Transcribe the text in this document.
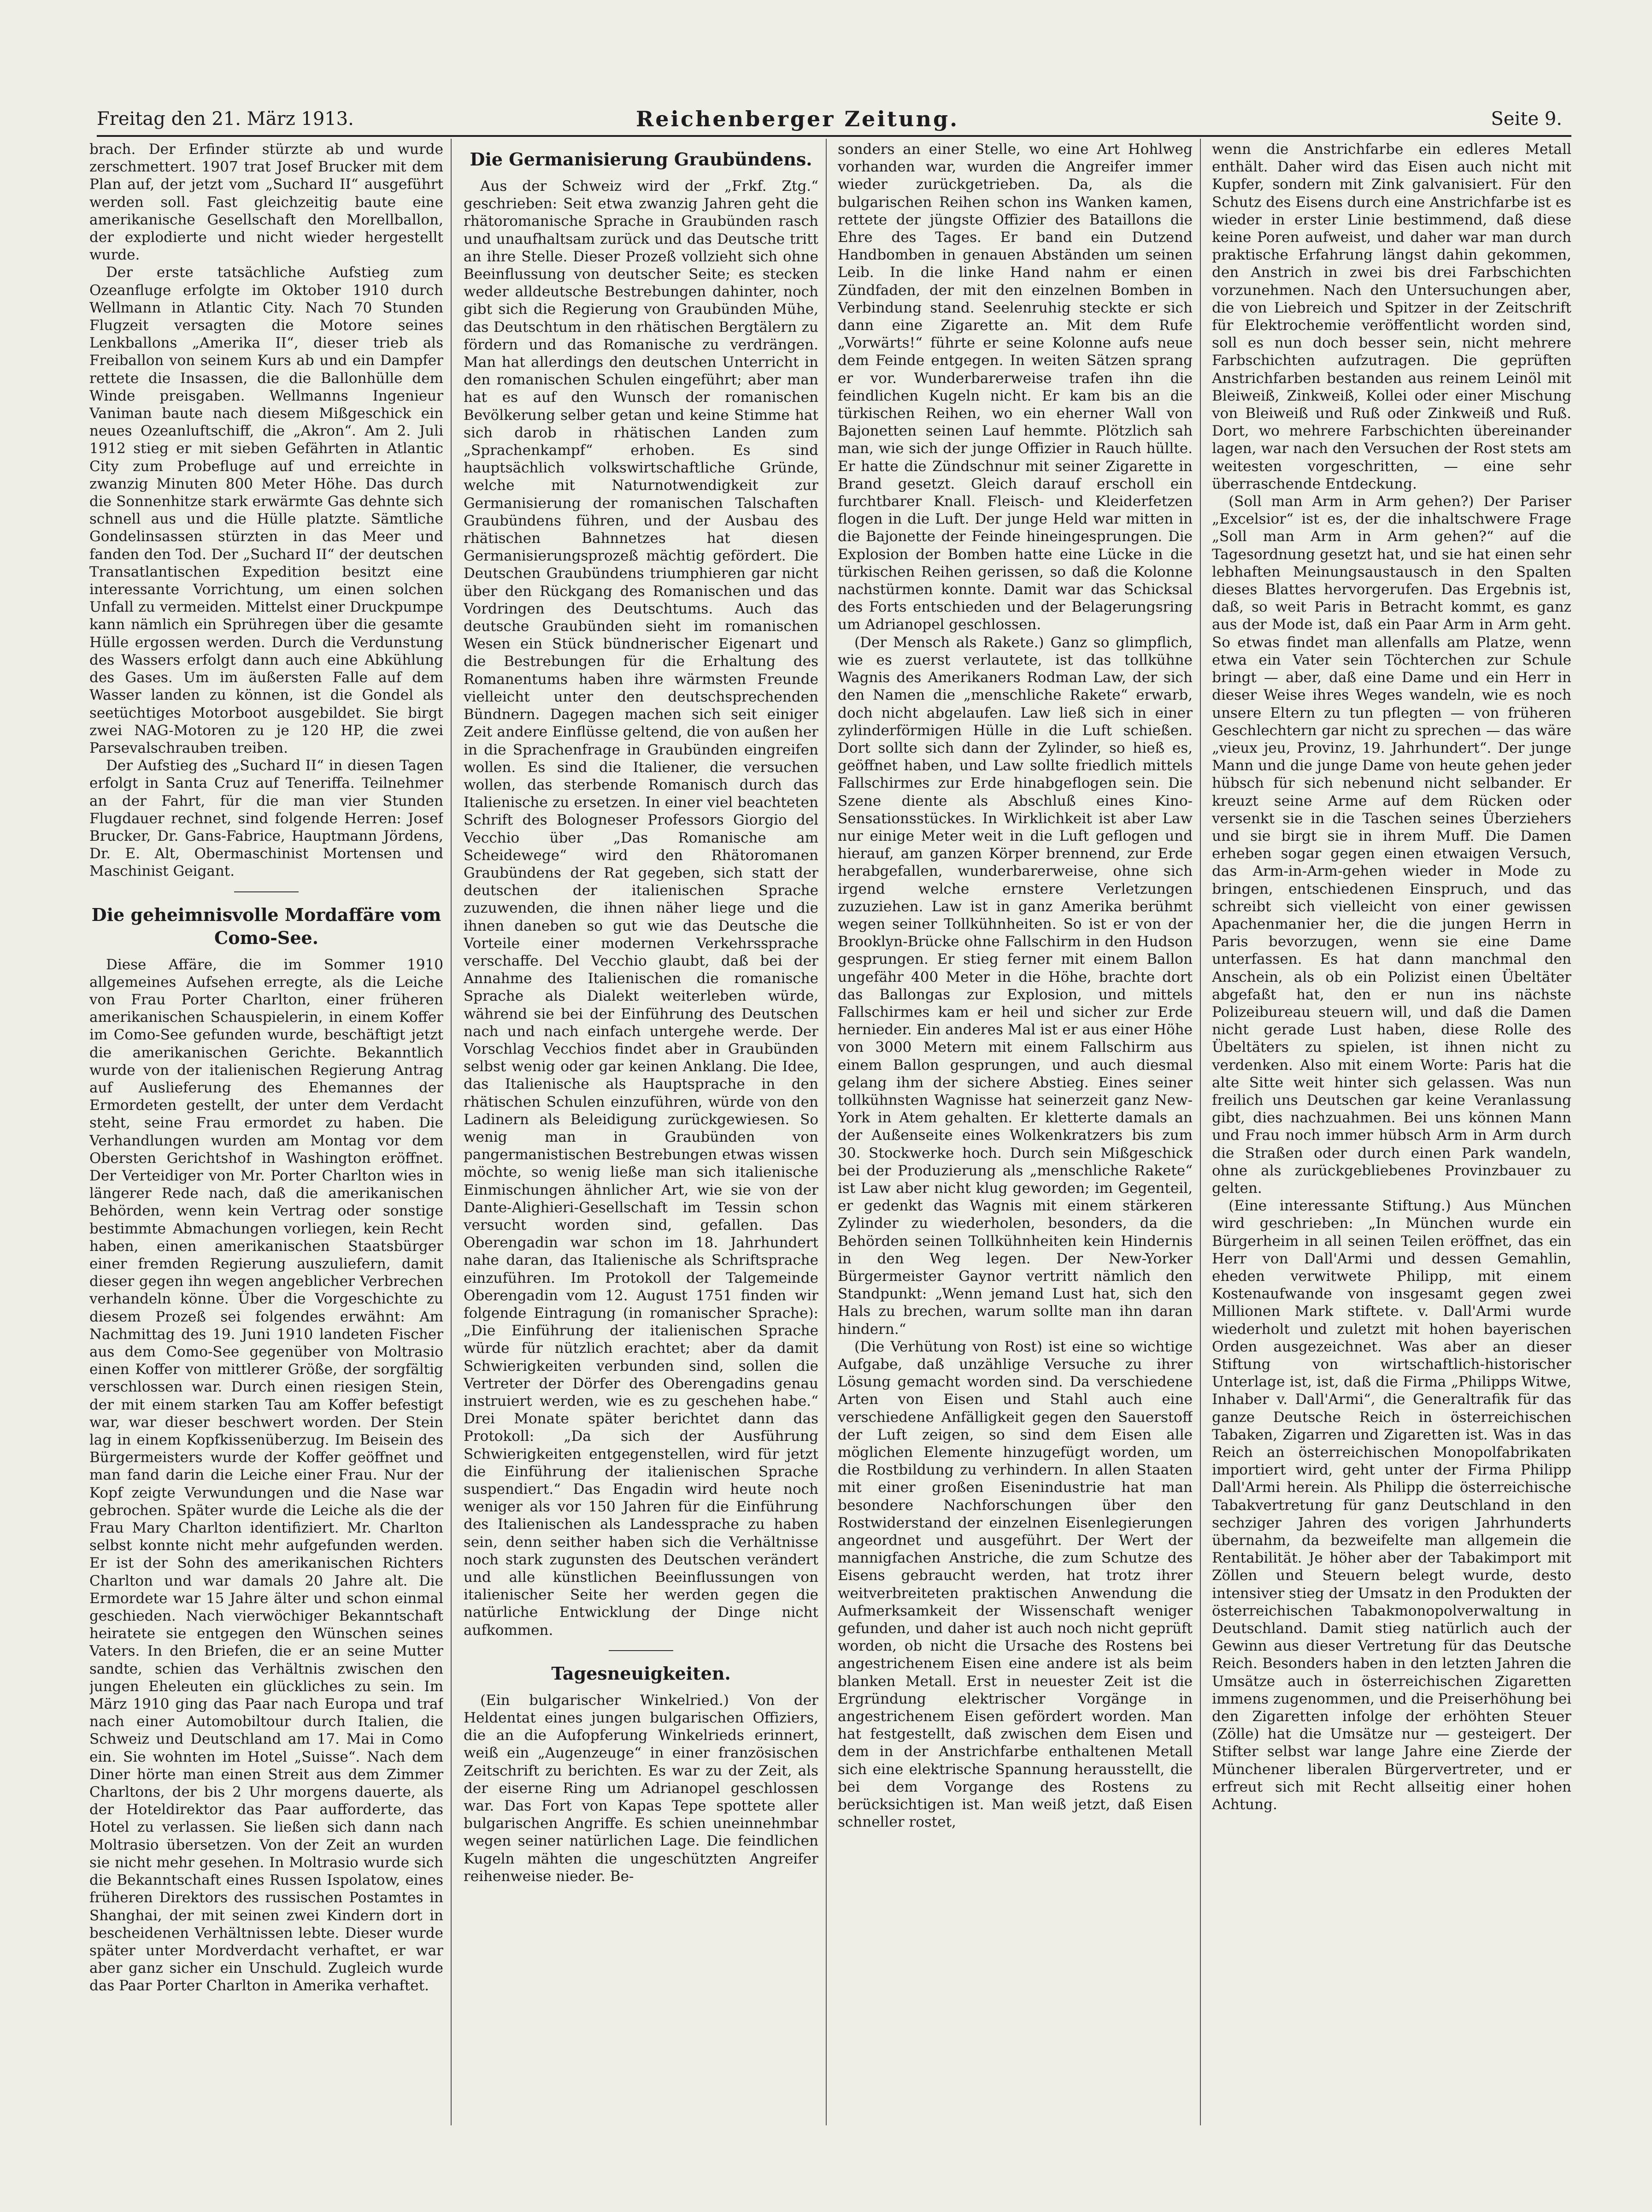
Freitag den 21. März 1913.	Reichenberger Zeitung.	Seite 9.

brach. Der Erfinder stürzte ab und wurde zerschmettert. 1907 trat Josef Brucker mit dem Plan auf, der jetzt vom „Suchard II“ ausgeführt werden soll. Fast gleichzeitig baute eine amerikanische Gesellschaft den Morellballon, der explodierte und nicht wieder hergestellt wurde.

Der erste tatsächliche Aufstieg zum Ozeanfluge erfolgte im Oktober 1910 durch Wellmann in Atlantic City. Nach 70 Stunden Flugzeit versagten die Motore seines Lenkballons „Amerika II“, dieser trieb als Freiballon von seinem Kurs ab und ein Dampfer rettete die Insassen, die die Ballonhülle dem Winde preisgaben. Wellmanns Ingenieur Vaniman baute nach diesem Mißgeschick ein neues Ozeanluftschiff, die „Akron“. Am 2. Juli 1912 stieg er mit sieben Gefährten in Atlantic City zum Probefluge auf und erreichte in zwanzig Minuten 800 Meter Höhe. Das durch die Sonnenhitze stark erwärmte Gas dehnte sich schnell aus und die Hülle platzte. Sämtliche Gondelinsassen stürzten in das Meer und fanden den Tod. Der „Suchard II“ der deutschen Transatlantischen Expedition besitzt eine interessante Vorrichtung, um einen solchen Unfall zu vermeiden. Mittelst einer Druckpumpe kann nämlich ein Sprühregen über die gesamte Hülle ergossen werden. Durch die Verdunstung des Wassers erfolgt dann auch eine Abkühlung des Gases. Um im äußersten Falle auf dem Wasser landen zu können, ist die Gondel als seetüchtiges Motorboot ausgebildet. Sie birgt zwei NAG-Motoren zu je 120 HP, die zwei Parsevalschrauben treiben.

Der Aufstieg des „Suchard II“ in diesen Tagen erfolgt in Santa Cruz auf Teneriffa. Teilnehmer an der Fahrt, für die man vier Stunden Flugdauer rechnet, sind folgende Herren: Josef Brucker, Dr. Gans-Fabrice, Hauptmann Jördens, Dr. E. Alt, Obermaschinist Mortensen und Maschinist Geigant.

Die geheimnisvolle Mordaffäre vom Como-See.

Diese Affäre, die im Sommer 1910 allgemeines Aufsehen erregte, als die Leiche von Frau Porter Charlton, einer früheren amerikanischen Schauspielerin, in einem Koffer im Como-See gefunden wurde, beschäftigt jetzt die amerikanischen Gerichte. Bekanntlich wurde von der italienischen Regierung Antrag auf Auslieferung des Ehemannes der Ermordeten gestellt, der unter dem Verdacht steht, seine Frau ermordet zu haben. Die Verhandlungen wurden am Montag vor dem Obersten Gerichtshof in Washington eröffnet. Der Verteidiger von Mr. Porter Charlton wies in längerer Rede nach, daß die amerikanischen Behörden, wenn kein Vertrag oder sonstige bestimmte Abmachungen vorliegen, kein Recht haben, einen amerikanischen Staatsbürger einer fremden Regierung auszuliefern, damit dieser gegen ihn wegen angeblicher Verbrechen verhandeln könne. Über die Vorgeschichte zu diesem Prozeß sei folgendes erwähnt: Am Nachmittag des 19. Juni 1910 landeten Fischer aus dem Como-See gegenüber von Moltrasio einen Koffer von mittlerer Größe, der sorgfältig verschlossen war. Durch einen riesigen Stein, der mit einem starken Tau am Koffer befestigt war, war dieser beschwert worden. Der Stein lag in einem Kopfkissenüberzug. Im Beisein des Bürgermeisters wurde der Koffer geöffnet und man fand darin die Leiche einer Frau. Nur der Kopf zeigte Verwundungen und die Nase war gebrochen. Später wurde die Leiche als die der Frau Mary Charlton identifiziert. Mr. Charlton selbst konnte nicht mehr aufgefunden werden. Er ist der Sohn des amerikanischen Richters Charlton und war damals 20 Jahre alt. Die Ermordete war 15 Jahre älter und schon einmal geschieden. Nach vierwöchiger Bekanntschaft heiratete sie entgegen den Wünschen seines Vaters. In den Briefen, die er an seine Mutter sandte, schien das Verhältnis zwischen den jungen Eheleuten ein glückliches zu sein. Im März 1910 ging das Paar nach Europa und traf nach einer Automobiltour durch Italien, die Schweiz und Deutschland am 17. Mai in Como ein. Sie wohnten im Hotel „Suisse“. Nach dem Diner hörte man einen Streit aus dem Zimmer Charltons, der bis 2 Uhr morgens dauerte, als der Hoteldirektor das Paar aufforderte, das Hotel zu verlassen. Sie ließen sich dann nach Moltrasio übersetzen. Von der Zeit an wurden sie nicht mehr gesehen. In Moltrasio wurde sich die Bekanntschaft eines Russen Ispolatow, eines früheren Direktors des russischen Postamtes in Shanghai, der mit seinen zwei Kindern dort in bescheidenen Verhältnissen lebte. Dieser wurde später unter Mordverdacht verhaftet, er war aber ganz sicher ein Unschuld. Zugleich wurde das Paar Porter Charlton in Amerika verhaftet.

Die Germanisierung Graubündens.

Aus der Schweiz wird der „Frkf. Ztg.“ geschrieben: Seit etwa zwanzig Jahren geht die rhätoromanische Sprache in Graubünden rasch und unaufhaltsam zurück und das Deutsche tritt an ihre Stelle. Dieser Prozeß vollzieht sich ohne Beeinflussung von deutscher Seite; es stecken weder alldeutsche Bestrebungen dahinter, noch gibt sich die Regierung von Graubünden Mühe, das Deutschtum in den rhätischen Bergtälern zu fördern und das Romanische zu verdrängen. Man hat allerdings den deutschen Unterricht in den romanischen Schulen eingeführt; aber man hat es auf den Wunsch der romanischen Bevölkerung selber getan und keine Stimme hat sich darob in rhätischen Landen zum „Sprachenkampf“ erhoben. Es sind hauptsächlich volkswirtschaftliche Gründe, welche mit Naturnotwendigkeit zur Germanisierung der romanischen Talschaften Graubündens führen, und der Ausbau des rhätischen Bahnnetzes hat diesen Germanisierungsprozeß mächtig gefördert. Die Deutschen Graubündens triumphieren gar nicht über den Rückgang des Romanischen und das Vordringen des Deutschtums. Auch das deutsche Graubünden sieht im romanischen Wesen ein Stück bündnerischer Eigenart und die Bestrebungen für die Erhaltung des Romanentums haben ihre wärmsten Freunde vielleicht unter den deutschsprechenden Bündnern. Dagegen machen sich seit einiger Zeit andere Einflüsse geltend, die von außen her in die Sprachenfrage in Graubünden eingreifen wollen. Es sind die Italiener, die versuchen wollen, das sterbende Romanisch durch das Italienische zu ersetzen. In einer viel beachteten Schrift des Bologneser Professors Giorgio del Vecchio über „Das Romanische am Scheidewege“ wird den Rhätoromanen Graubündens der Rat gegeben, sich statt der deutschen der italienischen Sprache zuzuwenden, die ihnen näher liege und die ihnen daneben so gut wie das Deutsche die Vorteile einer modernen Verkehrssprache verschaffe. Del Vecchio glaubt, daß bei der Annahme des Italienischen die romanische Sprache als Dialekt weiterleben würde, während sie bei der Einführung des Deutschen nach und nach einfach untergehe werde. Der Vorschlag Vecchios findet aber in Graubünden selbst wenig oder gar keinen Anklang. Die Idee, das Italienische als Hauptsprache in den rhätischen Schulen einzuführen, würde von den Ladinern als Beleidigung zurückgewiesen. So wenig man in Graubünden von pangermanistischen Bestrebungen etwas wissen möchte, so wenig ließe man sich italienische Einmischungen ähnlicher Art, wie sie von der Dante-Alighieri-Gesellschaft im Tessin schon versucht worden sind, gefallen. Das Oberengadin war schon im 18. Jahrhundert nahe daran, das Italienische als Schriftsprache einzuführen. Im Protokoll der Talgemeinde Oberengadin vom 12. August 1751 finden wir folgende Eintragung (in romanischer Sprache): „Die Einführung der italienischen Sprache würde für nützlich erachtet; aber da damit Schwierigkeiten verbunden sind, sollen die Vertreter der Dörfer des Oberengadins genau instruiert werden, wie es zu geschehen habe.“ Drei Monate später berichtet dann das Protokoll: „Da sich der Ausführung Schwierigkeiten entgegenstellen, wird für jetzt die Einführung der italienischen Sprache suspendiert.“ Das Engadin wird heute noch weniger als vor 150 Jahren für die Einführung des Italienischen als Landessprache zu haben sein, denn seither haben sich die Verhältnisse noch stark zugunsten des Deutschen verändert und alle künstlichen Beeinflussungen von italienischer Seite her werden gegen die natürliche Entwicklung der Dinge nicht aufkommen.

Tagesneuigkeiten.

(Ein bulgarischer Winkelried.) Von der Heldentat eines jungen bulgarischen Offiziers, die an die Aufopferung Winkelrieds erinnert, weiß ein „Augenzeuge“ in einer französischen Zeitschrift zu berichten. Es war zu der Zeit, als der eiserne Ring um Adrianopel geschlossen war. Das Fort von Kapas Tepe spottete aller bulgarischen Angriffe. Es schien uneinnehmbar wegen seiner natürlichen Lage. Die feindlichen Kugeln mähten die ungeschützten Angreifer reihenweise nieder. Be-

sonders an einer Stelle, wo eine Art Hohlweg vorhanden war, wurden die Angreifer immer wieder zurückgetrieben. Da, als die bulgarischen Reihen schon ins Wanken kamen, rettete der jüngste Offizier des Bataillons die Ehre des Tages. Er band ein Dutzend Handbomben in genauen Abständen um seinen Leib. In die linke Hand nahm er einen Zündfaden, der mit den einzelnen Bomben in Verbindung stand. Seelenruhig steckte er sich dann eine Zigarette an. Mit dem Rufe „Vorwärts!“ führte er seine Kolonne aufs neue dem Feinde entgegen. In weiten Sätzen sprang er vor. Wunderbarerweise trafen ihn die feindlichen Kugeln nicht. Er kam bis an die türkischen Reihen, wo ein eherner Wall von Bajonetten seinen Lauf hemmte. Plötzlich sah man, wie sich der junge Offizier in Rauch hüllte. Er hatte die Zündschnur mit seiner Zigarette in Brand gesetzt. Gleich darauf erscholl ein furchtbarer Knall. Fleisch- und Kleiderfetzen flogen in die Luft. Der junge Held war mitten in die Bajonette der Feinde hineingesprungen. Die Explosion der Bomben hatte eine Lücke in die türkischen Reihen gerissen, so daß die Kolonne nachstürmen konnte. Damit war das Schicksal des Forts entschieden und der Belagerungsring um Adrianopel geschlossen.

(Der Mensch als Rakete.) Ganz so glimpflich, wie es zuerst verlautete, ist das tollkühne Wagnis des Amerikaners Rodman Law, der sich den Namen die „menschliche Rakete“ erwarb, doch nicht abgelaufen. Law ließ sich in einer zylinderförmigen Hülle in die Luft schießen. Dort sollte sich dann der Zylinder, so hieß es, geöffnet haben, und Law sollte friedlich mittels Fallschirmes zur Erde hinabgeflogen sein. Die Szene diente als Abschluß eines Kino-Sensationsstückes. In Wirklichkeit ist aber Law nur einige Meter weit in die Luft geflogen und hierauf, am ganzen Körper brennend, zur Erde herabgefallen, wunderbarerweise, ohne sich irgend welche ernstere Verletzungen zuzuziehen. Law ist in ganz Amerika berühmt wegen seiner Tollkühnheiten. So ist er von der Brooklyn-Brücke ohne Fallschirm in den Hudson gesprungen. Er stieg ferner mit einem Ballon ungefähr 400 Meter in die Höhe, brachte dort das Ballongas zur Explosion, und mittels Fallschirmes kam er heil und sicher zur Erde hernieder. Ein anderes Mal ist er aus einer Höhe von 3000 Metern mit einem Fallschirm aus einem Ballon gesprungen, und auch diesmal gelang ihm der sichere Abstieg. Eines seiner tollkühnsten Wagnisse hat seinerzeit ganz New-York in Atem gehalten. Er kletterte damals an der Außenseite eines Wolkenkratzers bis zum 30. Stockwerke hoch. Durch sein Mißgeschick bei der Produzierung als „menschliche Rakete“ ist Law aber nicht klug geworden; im Gegenteil, er gedenkt das Wagnis mit einem stärkeren Zylinder zu wiederholen, besonders, da die Behörden seinen Tollkühnheiten kein Hindernis in den Weg legen. Der New-Yorker Bürgermeister Gaynor vertritt nämlich den Standpunkt: „Wenn jemand Lust hat, sich den Hals zu brechen, warum sollte man ihn daran hindern.“

(Die Verhütung von Rost) ist eine so wichtige Aufgabe, daß unzählige Versuche zu ihrer Lösung gemacht worden sind. Da verschiedene Arten von Eisen und Stahl auch eine verschiedene Anfälligkeit gegen den Sauerstoff der Luft zeigen, so sind dem Eisen alle möglichen Elemente hinzugefügt worden, um die Rostbildung zu verhindern. In allen Staaten mit einer großen Eisenindustrie hat man besondere Nachforschungen über den Rostwiderstand der einzelnen Eisenlegierungen angeordnet und ausgeführt. Der Wert der mannigfachen Anstriche, die zum Schutze des Eisens gebraucht werden, hat trotz ihrer weitverbreiteten praktischen Anwendung die Aufmerksamkeit der Wissenschaft weniger gefunden, und daher ist auch noch nicht geprüft worden, ob nicht die Ursache des Rostens bei angestrichenem Eisen eine andere ist als beim blanken Metall. Erst in neuester Zeit ist die Ergründung elektrischer Vorgänge in angestrichenem Eisen gefördert worden. Man hat festgestellt, daß zwischen dem Eisen und dem in der Anstrichfarbe enthaltenen Metall sich eine elektrische Spannung herausstellt, die bei dem Vorgange des Rostens zu berücksichtigen ist. Man weiß jetzt, daß Eisen schneller rostet,

wenn die Anstrichfarbe ein edleres Metall enthält. Daher wird das Eisen auch nicht mit Kupfer, sondern mit Zink galvanisiert. Für den Schutz des Eisens durch eine Anstrichfarbe ist es wieder in erster Linie bestimmend, daß diese keine Poren aufweist, und daher war man durch praktische Erfahrung längst dahin gekommen, den Anstrich in zwei bis drei Farbschichten vorzunehmen. Nach den Untersuchungen aber, die von Liebreich und Spitzer in der Zeitschrift für Elektrochemie veröffentlicht worden sind, soll es nun doch besser sein, nicht mehrere Farbschichten aufzutragen. Die geprüften Anstrichfarben bestanden aus reinem Leinöl mit Bleiweiß, Zinkweiß, Kollei oder einer Mischung von Bleiweiß und Ruß oder Zinkweiß und Ruß. Dort, wo mehrere Farbschichten übereinander lagen, war nach den Versuchen der Rost stets am weitesten vorgeschritten, — eine sehr überraschende Entdeckung.

(Soll man Arm in Arm gehen?) Der Pariser „Excelsior“ ist es, der die inhaltschwere Frage „Soll man Arm in Arm gehen?“ auf die Tagesordnung gesetzt hat, und sie hat einen sehr lebhaften Meinungsaustausch in den Spalten dieses Blattes hervorgerufen. Das Ergebnis ist, daß, so weit Paris in Betracht kommt, es ganz aus der Mode ist, daß ein Paar Arm in Arm geht. So etwas findet man allenfalls am Platze, wenn etwa ein Vater sein Töchterchen zur Schule bringt — aber, daß eine Dame und ein Herr in dieser Weise ihres Weges wandeln, wie es noch unsere Eltern zu tun pflegten — von früheren Geschlechtern gar nicht zu sprechen — das wäre „vieux jeu, Provinz, 19. Jahrhundert“. Der junge Mann und die junge Dame von heute gehen jeder hübsch für sich nebenund nicht selbander. Er kreuzt seine Arme auf dem Rücken oder versenkt sie in die Taschen seines Überziehers und sie birgt sie in ihrem Muff. Die Damen erheben sogar gegen einen etwaigen Versuch, das Arm-in-Arm-gehen wieder in Mode zu bringen, entschiedenen Einspruch, und das schreibt sich vielleicht von einer gewissen Apachenmanier her, die die jungen Herrn in Paris bevorzugen, wenn sie eine Dame unterfassen. Es hat dann manchmal den Anschein, als ob ein Polizist einen Übeltäter abgefaßt hat, den er nun ins nächste Polizeibureau steuern will, und daß die Damen nicht gerade Lust haben, diese Rolle des Übeltäters zu spielen, ist ihnen nicht zu verdenken. Also mit einem Worte: Paris hat die alte Sitte weit hinter sich gelassen. Was nun freilich uns Deutschen gar keine Veranlassung gibt, dies nachzuahmen. Bei uns können Mann und Frau noch immer hübsch Arm in Arm durch die Straßen oder durch einen Park wandeln, ohne als zurückgebliebenes Provinzbauer zu gelten.

(Eine interessante Stiftung.) Aus München wird geschrieben: „In München wurde ein Bürgerheim in all seinen Teilen eröffnet, das ein Herr von Dall'Armi und dessen Gemahlin, eheden verwitwete Philipp, mit einem Kostenaufwande von insgesamt gegen zwei Millionen Mark stiftete. v. Dall'Armi wurde wiederholt und zuletzt mit hohen bayerischen Orden ausgezeichnet. Was aber an dieser Stiftung von wirtschaftlich-historischer Unterlage ist, ist, daß die Firma „Philipps Witwe, Inhaber v. Dall'Armi“, die Generaltrafik für das ganze Deutsche Reich in österreichischen Tabaken, Zigarren und Zigaretten ist. Was in das Reich an österreichischen Monopolfabrikaten importiert wird, geht unter der Firma Philipp Dall'Armi herein. Als Philipp die österreichische Tabakvertretung für ganz Deutschland in den sechziger Jahren des vorigen Jahrhunderts übernahm, da bezweifelte man allgemein die Rentabilität. Je höher aber der Tabakimport mit Zöllen und Steuern belegt wurde, desto intensiver stieg der Umsatz in den Produkten der österreichischen Tabakmonopolverwaltung in Deutschland. Damit stieg natürlich auch der Gewinn aus dieser Vertretung für das Deutsche Reich. Besonders haben in den letzten Jahren die Umsätze auch in österreichischen Zigaretten immens zugenommen, und die Preiserhöhung bei den Zigaretten infolge der erhöhten Steuer (Zölle) hat die Umsätze nur — gesteigert. Der Stifter selbst war lange Jahre eine Zierde der Münchener liberalen Bürgervertreter, und er erfreut sich mit Recht allseitig einer hohen Achtung.
